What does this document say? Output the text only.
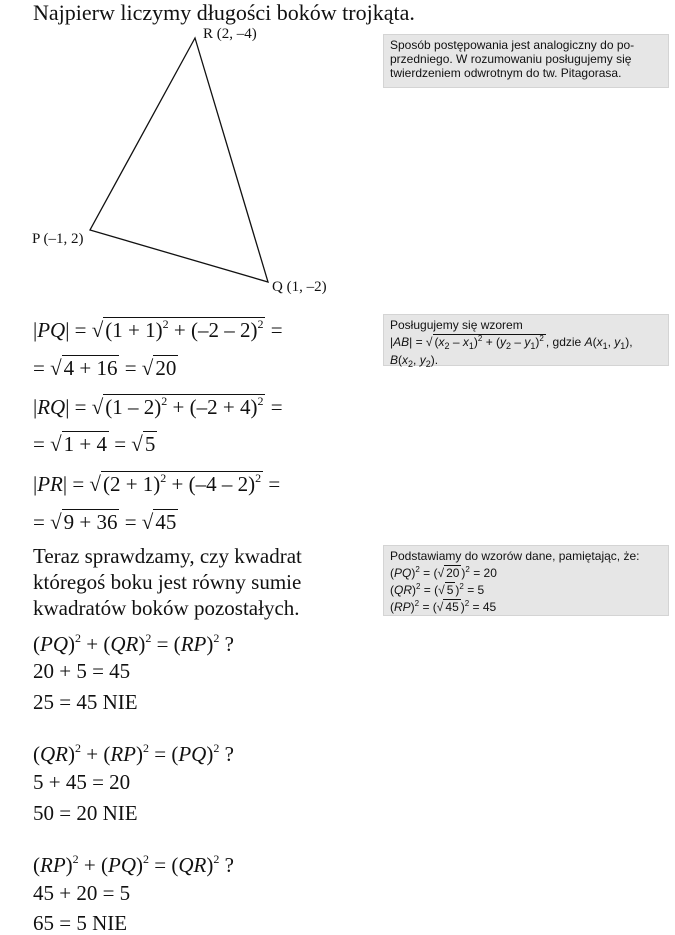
Najpierw liczymy długości boków trojkąta.
R (2, –4)
P (–1, 2)
Q (1, –2)
Sposób postępowania jest analogiczny do po-
przedniego. W rozumowaniu posługujemy się
twierdzeniem odwrotnym do tw. Pitagorasa.
Posługujemy się wzorem
|AB| = √ $(x_2 - x_1)^2 + (y_2 - y_1)^2$ , gdzie $A(x_1$, $y_1$),
$B(x_2$, $y_2$).
Podstawiamy do wzorów dane, pamiętając, że:
(PQ)$^2$ = (√ 20 )$^2$ = 20
(QR)$^2$ = (√ 5 )$^2$ = 5
(RP)$^2$ = (√ 45 )$^2$ = 45
$|PQ| = √(1 + 1)^2 + (-2 - 2)^2$ =
= √4 + 16 = √20
$|RQ| = √(1 - 2)^2 + (-2 + 4)^2$ =
= √1 + 4 = √5
$|PR| = √(2 + 1)^2 + (-4 - 2)^2$ =
= √9 + 36 = √45
Teraz sprawdzamy, czy kwadrat
któregoś boku jest równy sumie
kwadratów boków pozostałych.
(PQ)$^2$ + (QR)$^2$ = (RP)$^2$ ?
20 + 5 = 45
25 = 45 NIE
(QR)$^2$ + (RP)$^2$ = (PQ)$^2$ ?
5 + 45 = 20
50 = 20 NIE
(RP)$^2$ + (PQ)$^2$ = (QR)$^2$ ?
45 + 20 = 5
65 = 5 NIE
